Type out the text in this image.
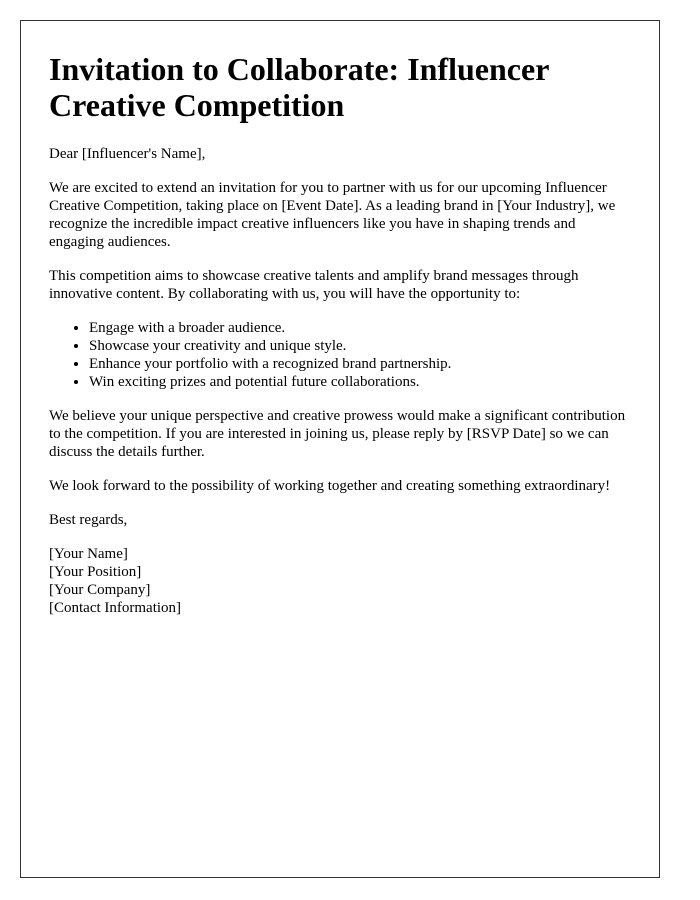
Invitation to Collaborate: Influencer Creative Competition

Dear [Influencer's Name],

We are excited to extend an invitation for you to partner with us for our upcoming Influencer Creative Competition, taking place on [Event Date]. As a leading brand in [Your Industry], we recognize the incredible impact creative influencers like you have in shaping trends and engaging audiences.

This competition aims to showcase creative talents and amplify brand messages through innovative content. By collaborating with us, you will have the opportunity to:

• Engage with a broader audience.
• Showcase your creativity and unique style.
• Enhance your portfolio with a recognized brand partnership.
• Win exciting prizes and potential future collaborations.

We believe your unique perspective and creative prowess would make a significant contribution to the competition. If you are interested in joining us, please reply by [RSVP Date] so we can discuss the details further.

We look forward to the possibility of working together and creating something extraordinary!

Best regards,

[Your Name]
[Your Position]
[Your Company]
[Contact Information]
